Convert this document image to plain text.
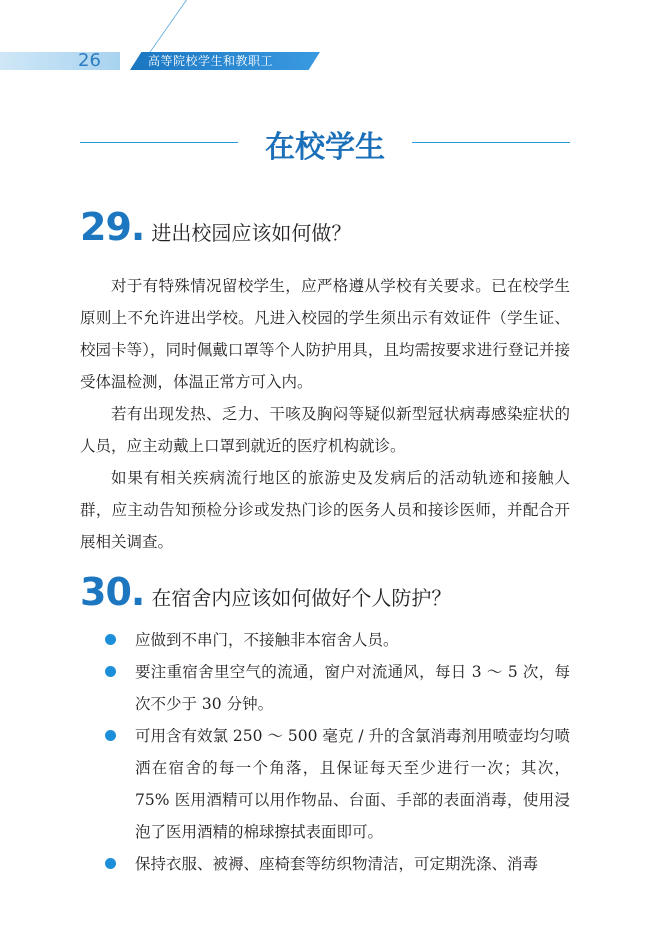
26	高等院校学生和教职工
在校学生
29 . 进出校园应该如何做？
对于有特殊情况留校学生，应严格遵从学校有关要求。已在校学生原则上不允许进出学校。凡进入校园的学生须出示有效证件（学生证、校园卡等），同时佩戴口罩等个人防护用具，且均需按要求进行登记并接受体温检测，体温正常方可入内。
若有出现发热、乏力、干咳及胸闷等疑似新型冠状病毒感染症状的人员，应主动戴上口罩到就近的医疗机构就诊。
如果有相关疾病流行地区的旅游史及发病后的活动轨迹和接触人群，应主动告知预检分诊或发热门诊的医务人员和接诊医师，并配合开展相关调查。
30 . 在宿舍内应该如何做好个人防护？
应做到不串门，不接触非本宿舍人员。
要注重宿舍里空气的流通，窗户对流通风，每日 3 ～ 5 次，每次不少于 30 分钟。
可用含有效氯 250 ～ 500 毫克 / 升的含氯消毒剂用喷壶均匀喷洒在宿舍的每一个角落，且保证每天至少进行一次；其次，75% 医用酒精可以用作物品、台面、手部的表面消毒，使用浸泡了医用酒精的棉球擦拭表面即可。
保持衣服、被褥、座椅套等纺织物清洁，可定期洗涤、消毒
